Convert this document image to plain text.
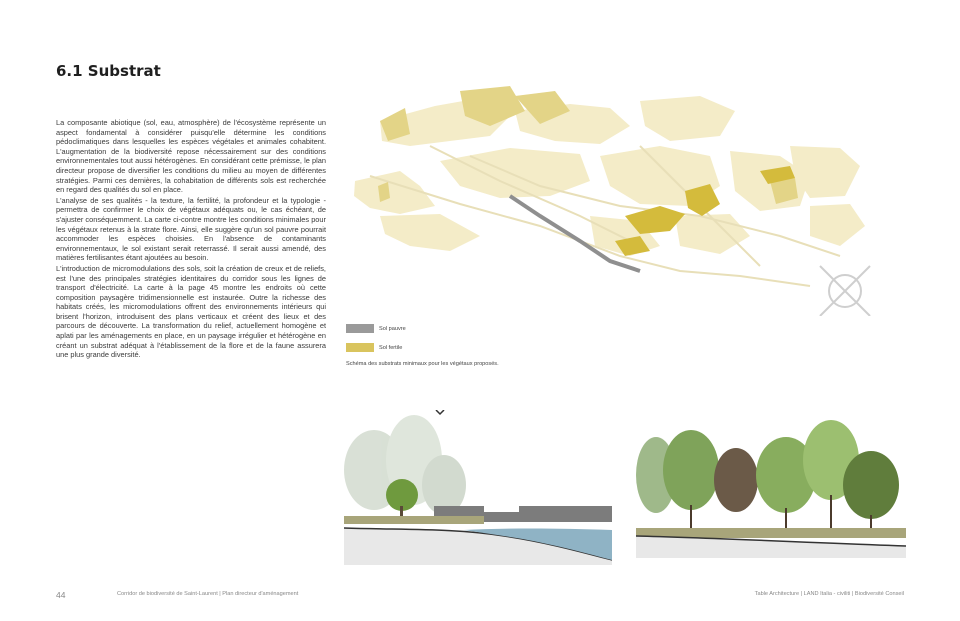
6.1 Substrat

La composante abiotique (sol, eau, atmosphère) de l'écosystème représente un aspect fondamental à considérer puisqu'elle détermine les conditions pédoclimatiques dans lesquelles les espèces végétales et animales cohabitent. L'augmentation de la biodiversité repose nécessairement sur des conditions environnementales tout aussi hétérogènes. En considérant cette prémisse, le plan directeur propose de diversifier les conditions du milieu au moyen de différentes stratégies. Parmi ces dernières, la cohabitation de différents sols est recherchée en regard des qualités du sol en place.

L'analyse de ses qualités - la texture, la fertilité, la profondeur et la typologie - permettra de confirmer le choix de végétaux adéquats ou, le cas échéant, de s'ajuster conséquemment. La carte ci-contre montre les conditions minimales pour les végétaux retenus à la strate flore. Ainsi, elle suggère qu'un sol pauvre pourrait accommoder les espèces choisies. En l'absence de contaminants environnementaux, le sol existant serait reterrassé. Il serait aussi amendé, des matières fertilisantes étant ajoutées au besoin.

L'introduction de micromodulations des sols, soit la création de creux et de reliefs, est l'une des principales stratégies identitaires du corridor sous les lignes de transport d'électricité. La carte à la page 45 montre les endroits où cette composition paysagère tridimensionnelle est instaurée. Outre la richesse des habitats créés, les micromodulations offrent des environnements intérieurs qui brisent l'horizon, introduisent des plans verticaux et créent des lieux et des parcours de découverte. La transformation du relief, actuellement homogène et aplati par les aménagements en place, en un paysage irrégulier et hétérogène en créant un substrat adéquat à l'établissement de la flore et de la faune assurera une plus grande diversité.

Sol pauvre
Sol fertile
Schéma des substrats minimaux pour les végétaux proposés.
44	Corridor de biodiversité de Saint-Laurent | Plan directeur d'aménagement	Table Architecture | LAND Italia - civiliti | Biodiversité Conseil
